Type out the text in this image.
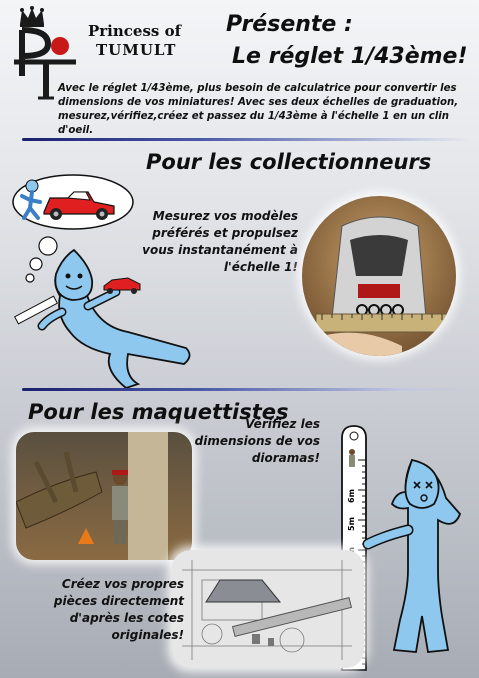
Princess of
TUMULT
Présente :
Le réglet 1/43ème!
Avec le réglet 1/43ème, plus besoin de calculatrice pour convertir les dimensions de vos miniatures! Avec ses deux échelles de graduation, mesurez,vérifiez,créez et passez du 1/43ème à l'échelle 1 en un clin d'oeil.
Pour les collectionneurs
Mesurez vos modèles préférés et propulsez vous instantanément à l'échelle 1!
Pour les maquettistes
Vérifiez les dimensions de vos dioramas!
6m
5m
Créez vos propres pièces directement d'après les cotes originales!
